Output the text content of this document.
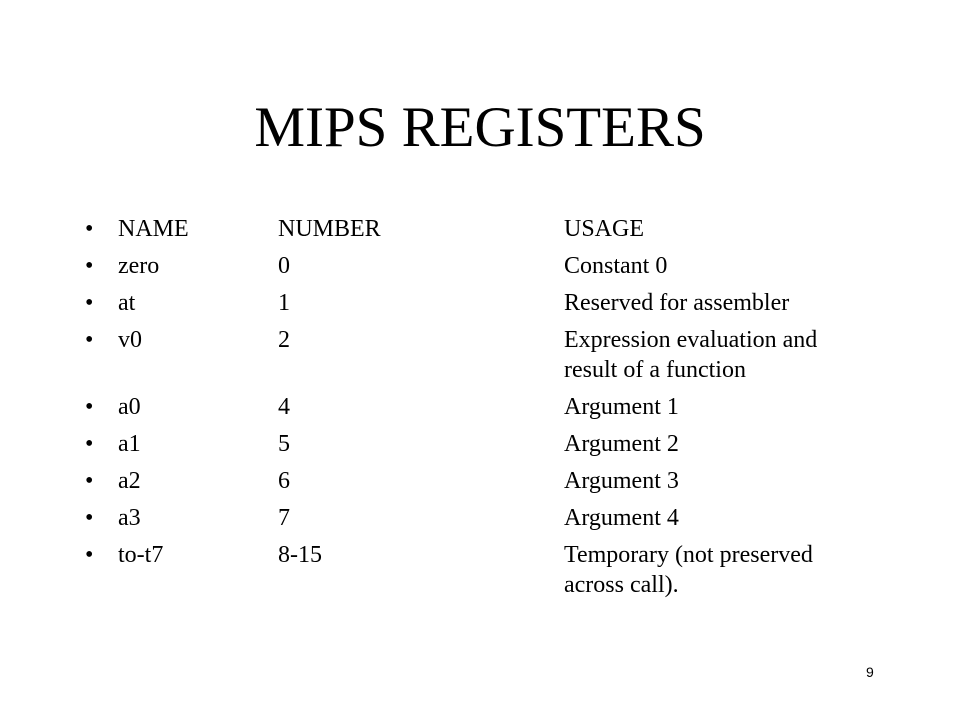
MIPS REGISTERS
•	NAME	NUMBER	USAGE
•	zero	0	Constant 0
•	at	1	Reserved for assembler
•	v0	2	Expression evaluation and
result of a function
•	a0	4	Argument 1
•	a1	5	Argument 2
•	a2	6	Argument 3
•	a3	7	Argument 4
•	to-t7	8-15	Temporary (not preserved
across call).
9
